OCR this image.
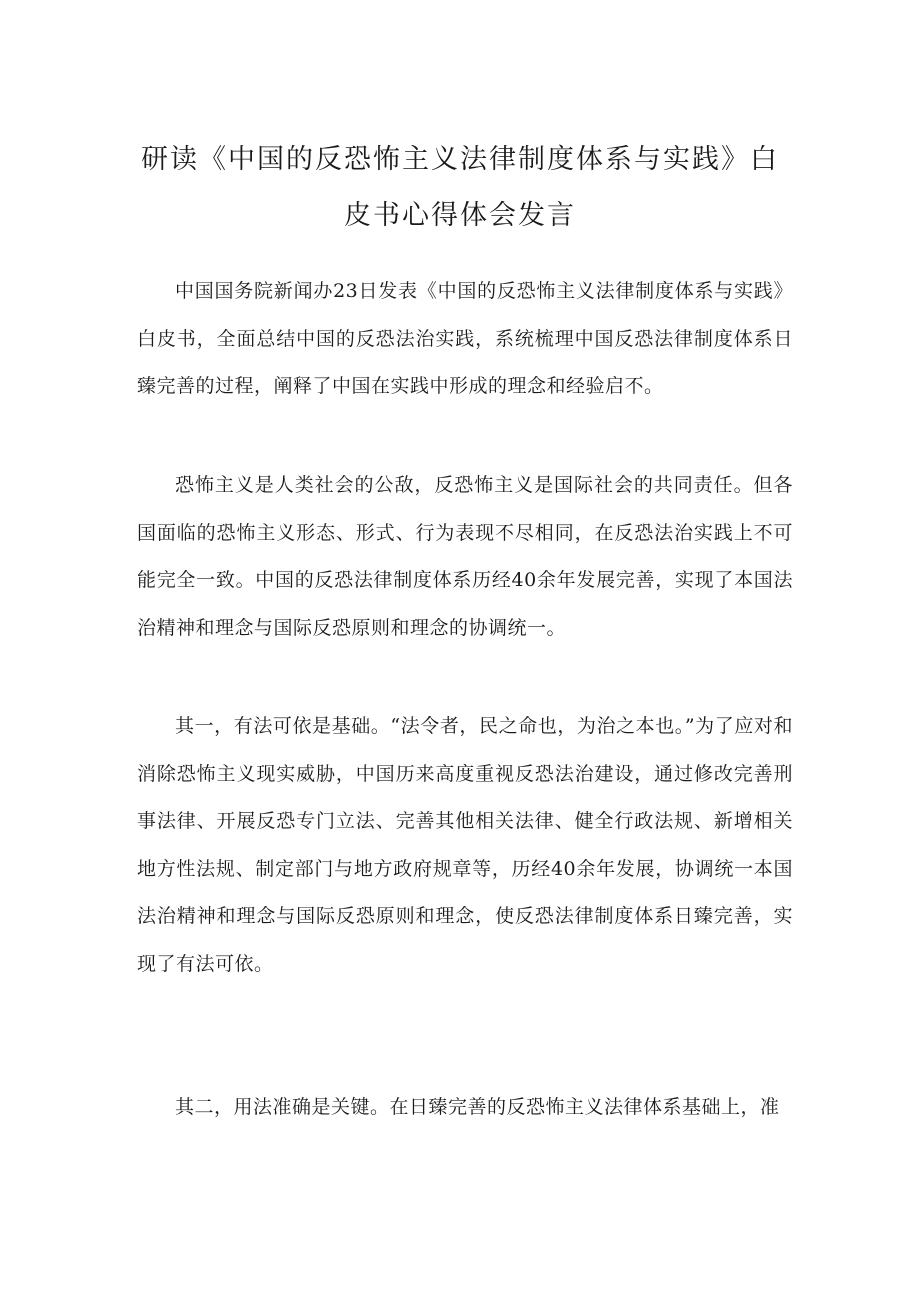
研读《中国的反恐怖主义法律制度体系与实践》白皮书心得体会发言

中国国务院新闻办23日发表《中国的反恐怖主义法律制度体系与实践》白皮书，全面总结中国的反恐法治实践，系统梳理中国反恐法律制度体系日臻完善的过程，阐释了中国在实践中形成的理念和经验启不。

恐怖主义是人类社会的公敌，反恐怖主义是国际社会的共同责任。但各国面临的恐怖主义形态、形式、行为表现不尽相同，在反恐法治实践上不可能完全一致。中国的反恐法律制度体系历经40余年发展完善，实现了本国法治精神和理念与国际反恐原则和理念的协调统一。

其一，有法可依是基础。“法令者，民之命也，为治之本也。”为了应对和消除恐怖主义现实威胁，中国历来高度重视反恐法治建设，通过修改完善刑事法律、开展反恐专门立法、完善其他相关法律、健全行政法规、新增相关地方性法规、制定部门与地方政府规章等，历经40余年发展，协调统一本国法治精神和理念与国际反恐原则和理念，使反恐法律制度体系日臻完善，实现了有法可依。

其二，用法准确是关键。在日臻完善的反恐怖主义法律体系基础上，准
